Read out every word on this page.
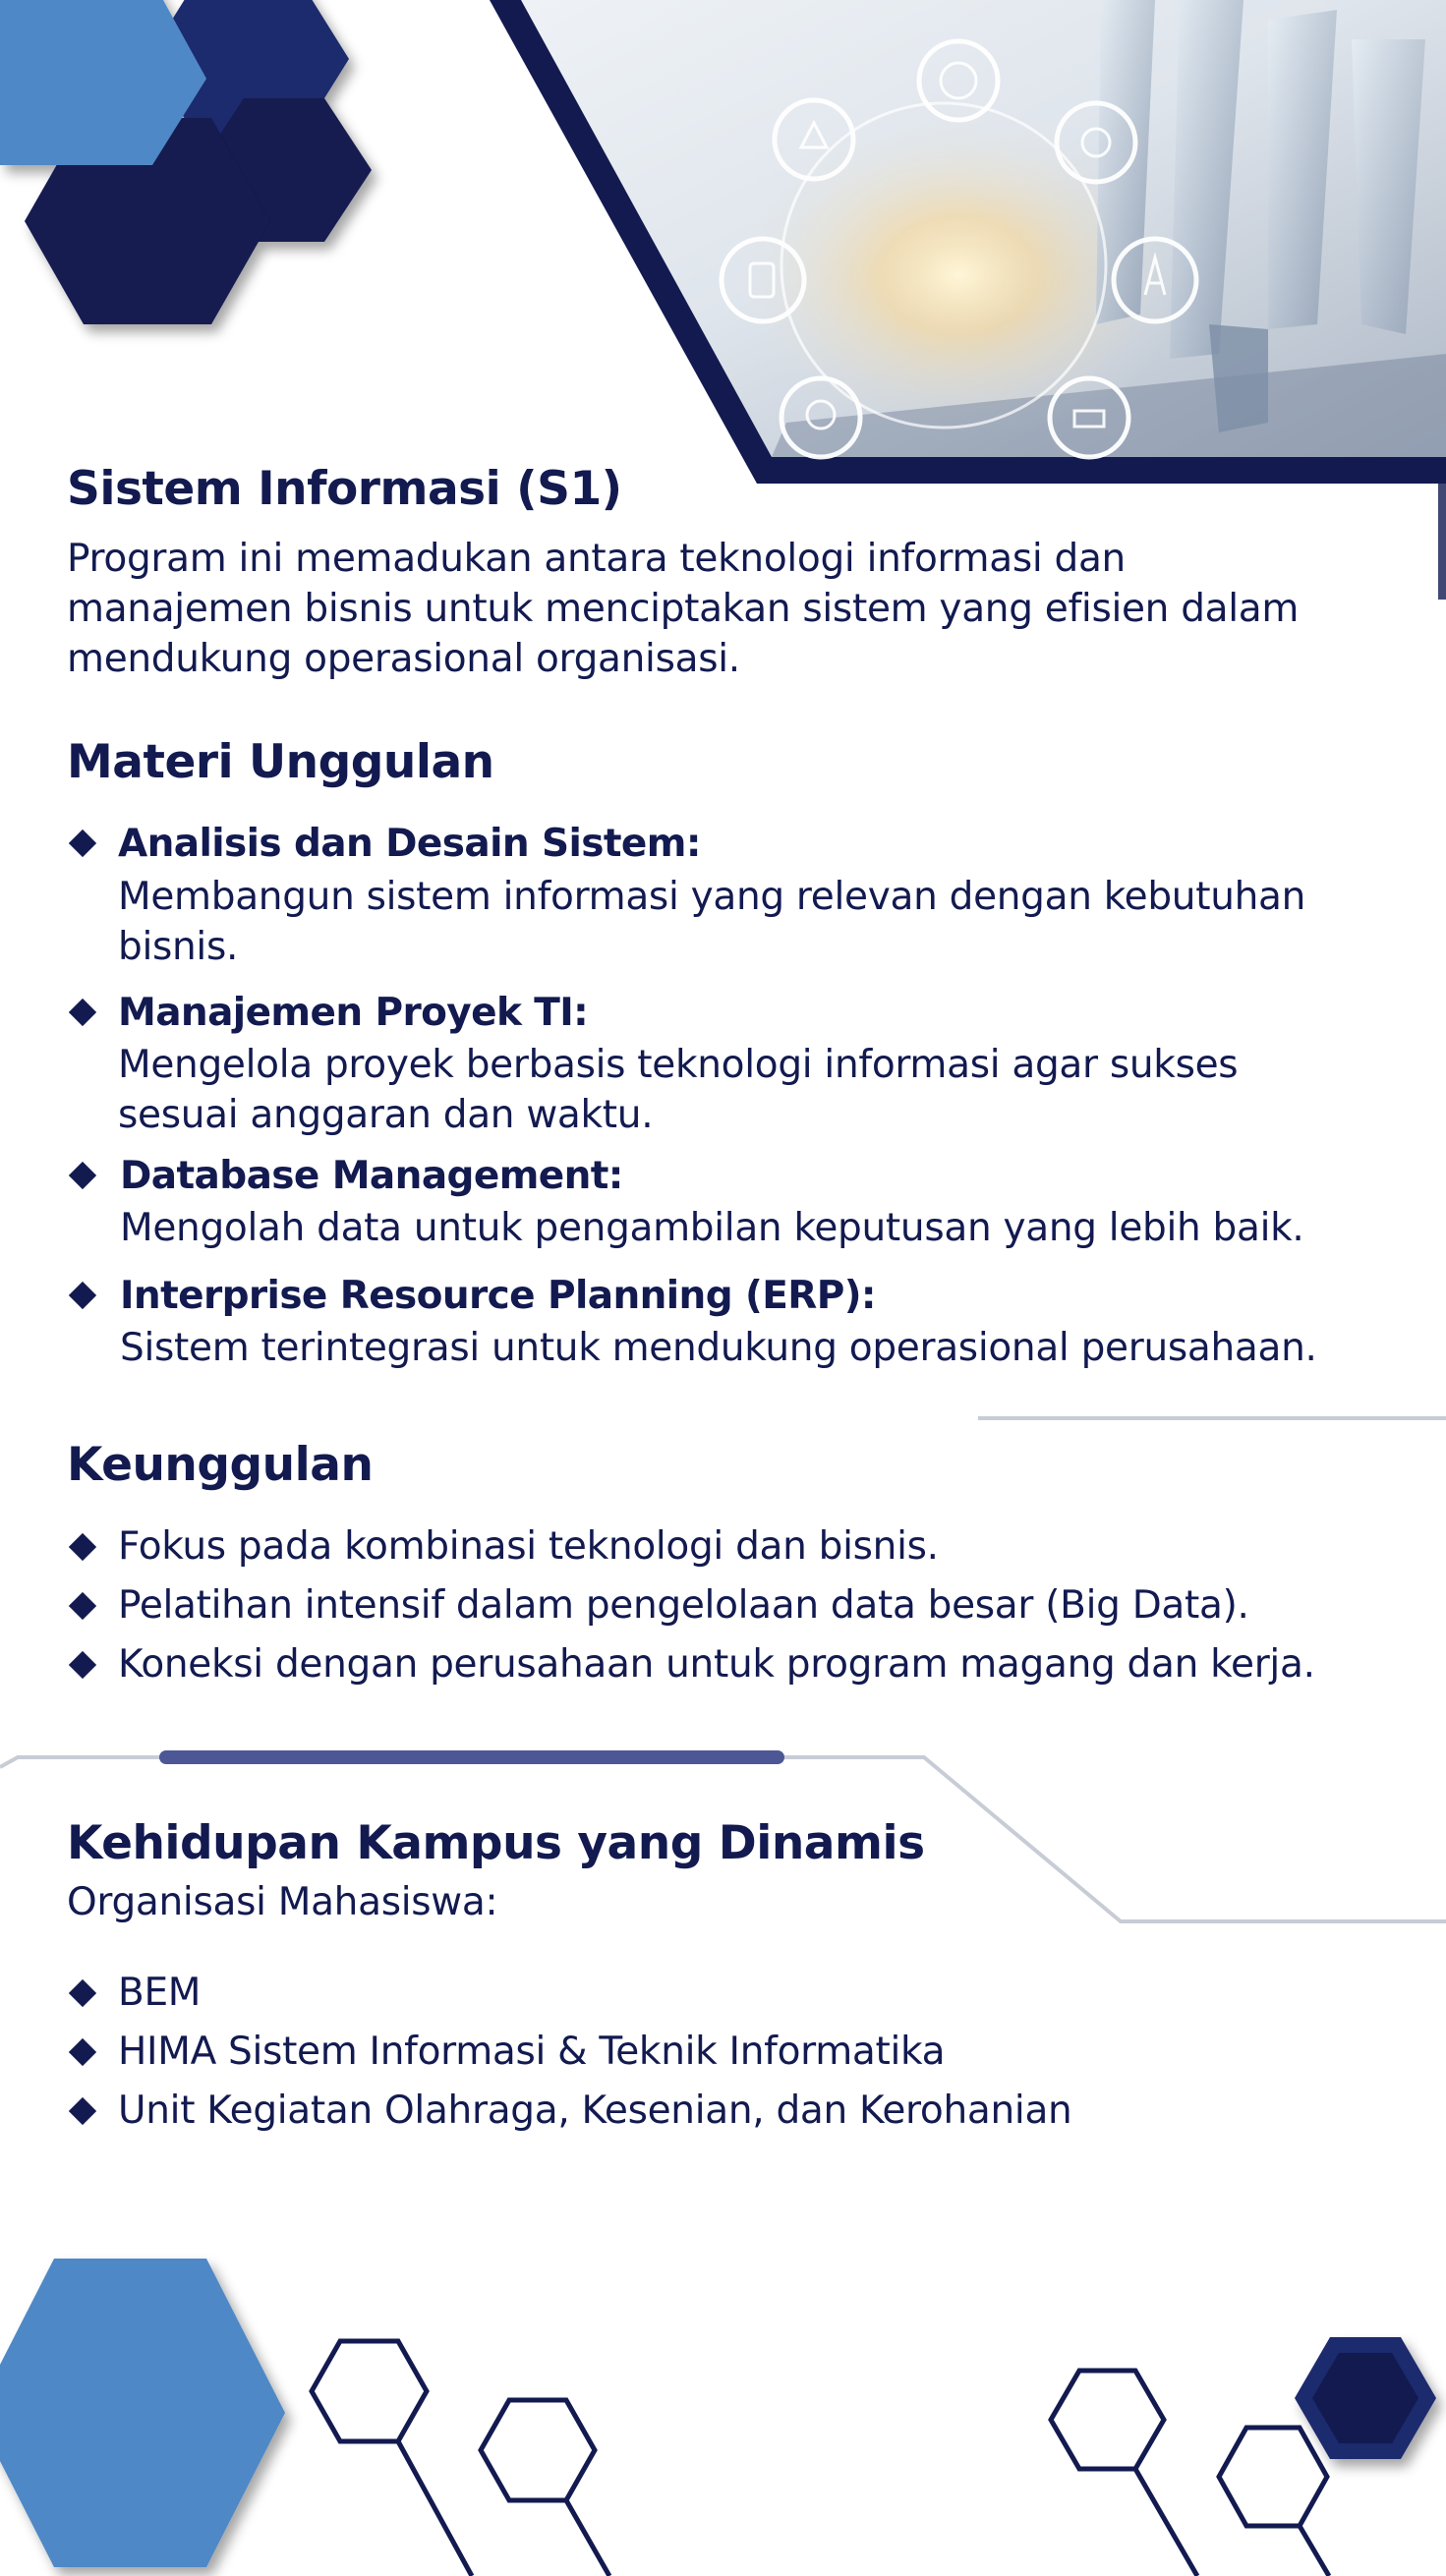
Sistem Informasi (S1)
Program ini memadukan antara teknologi informasi dan
manajemen bisnis untuk menciptakan sistem yang efisien dalam
mendukung operasional organisasi.
Materi Unggulan
Analisis dan Desain Sistem:
Membangun sistem informasi yang relevan dengan kebutuhan
bisnis.
Manajemen Proyek TI:
Mengelola proyek berbasis teknologi informasi agar sukses
sesuai anggaran dan waktu.
Database Management:
Mengolah data untuk pengambilan keputusan yang lebih baik.
Interprise Resource Planning (ERP):
Sistem terintegrasi untuk mendukung operasional perusahaan.
Keunggulan
Fokus pada kombinasi teknologi dan bisnis.
Pelatihan intensif dalam pengelolaan data besar (Big Data).
Koneksi dengan perusahaan untuk program magang dan kerja.
Kehidupan Kampus yang Dinamis
Organisasi Mahasiswa:
BEM
HIMA Sistem Informasi & Teknik Informatika
Unit Kegiatan Olahraga, Kesenian, dan Kerohanian
